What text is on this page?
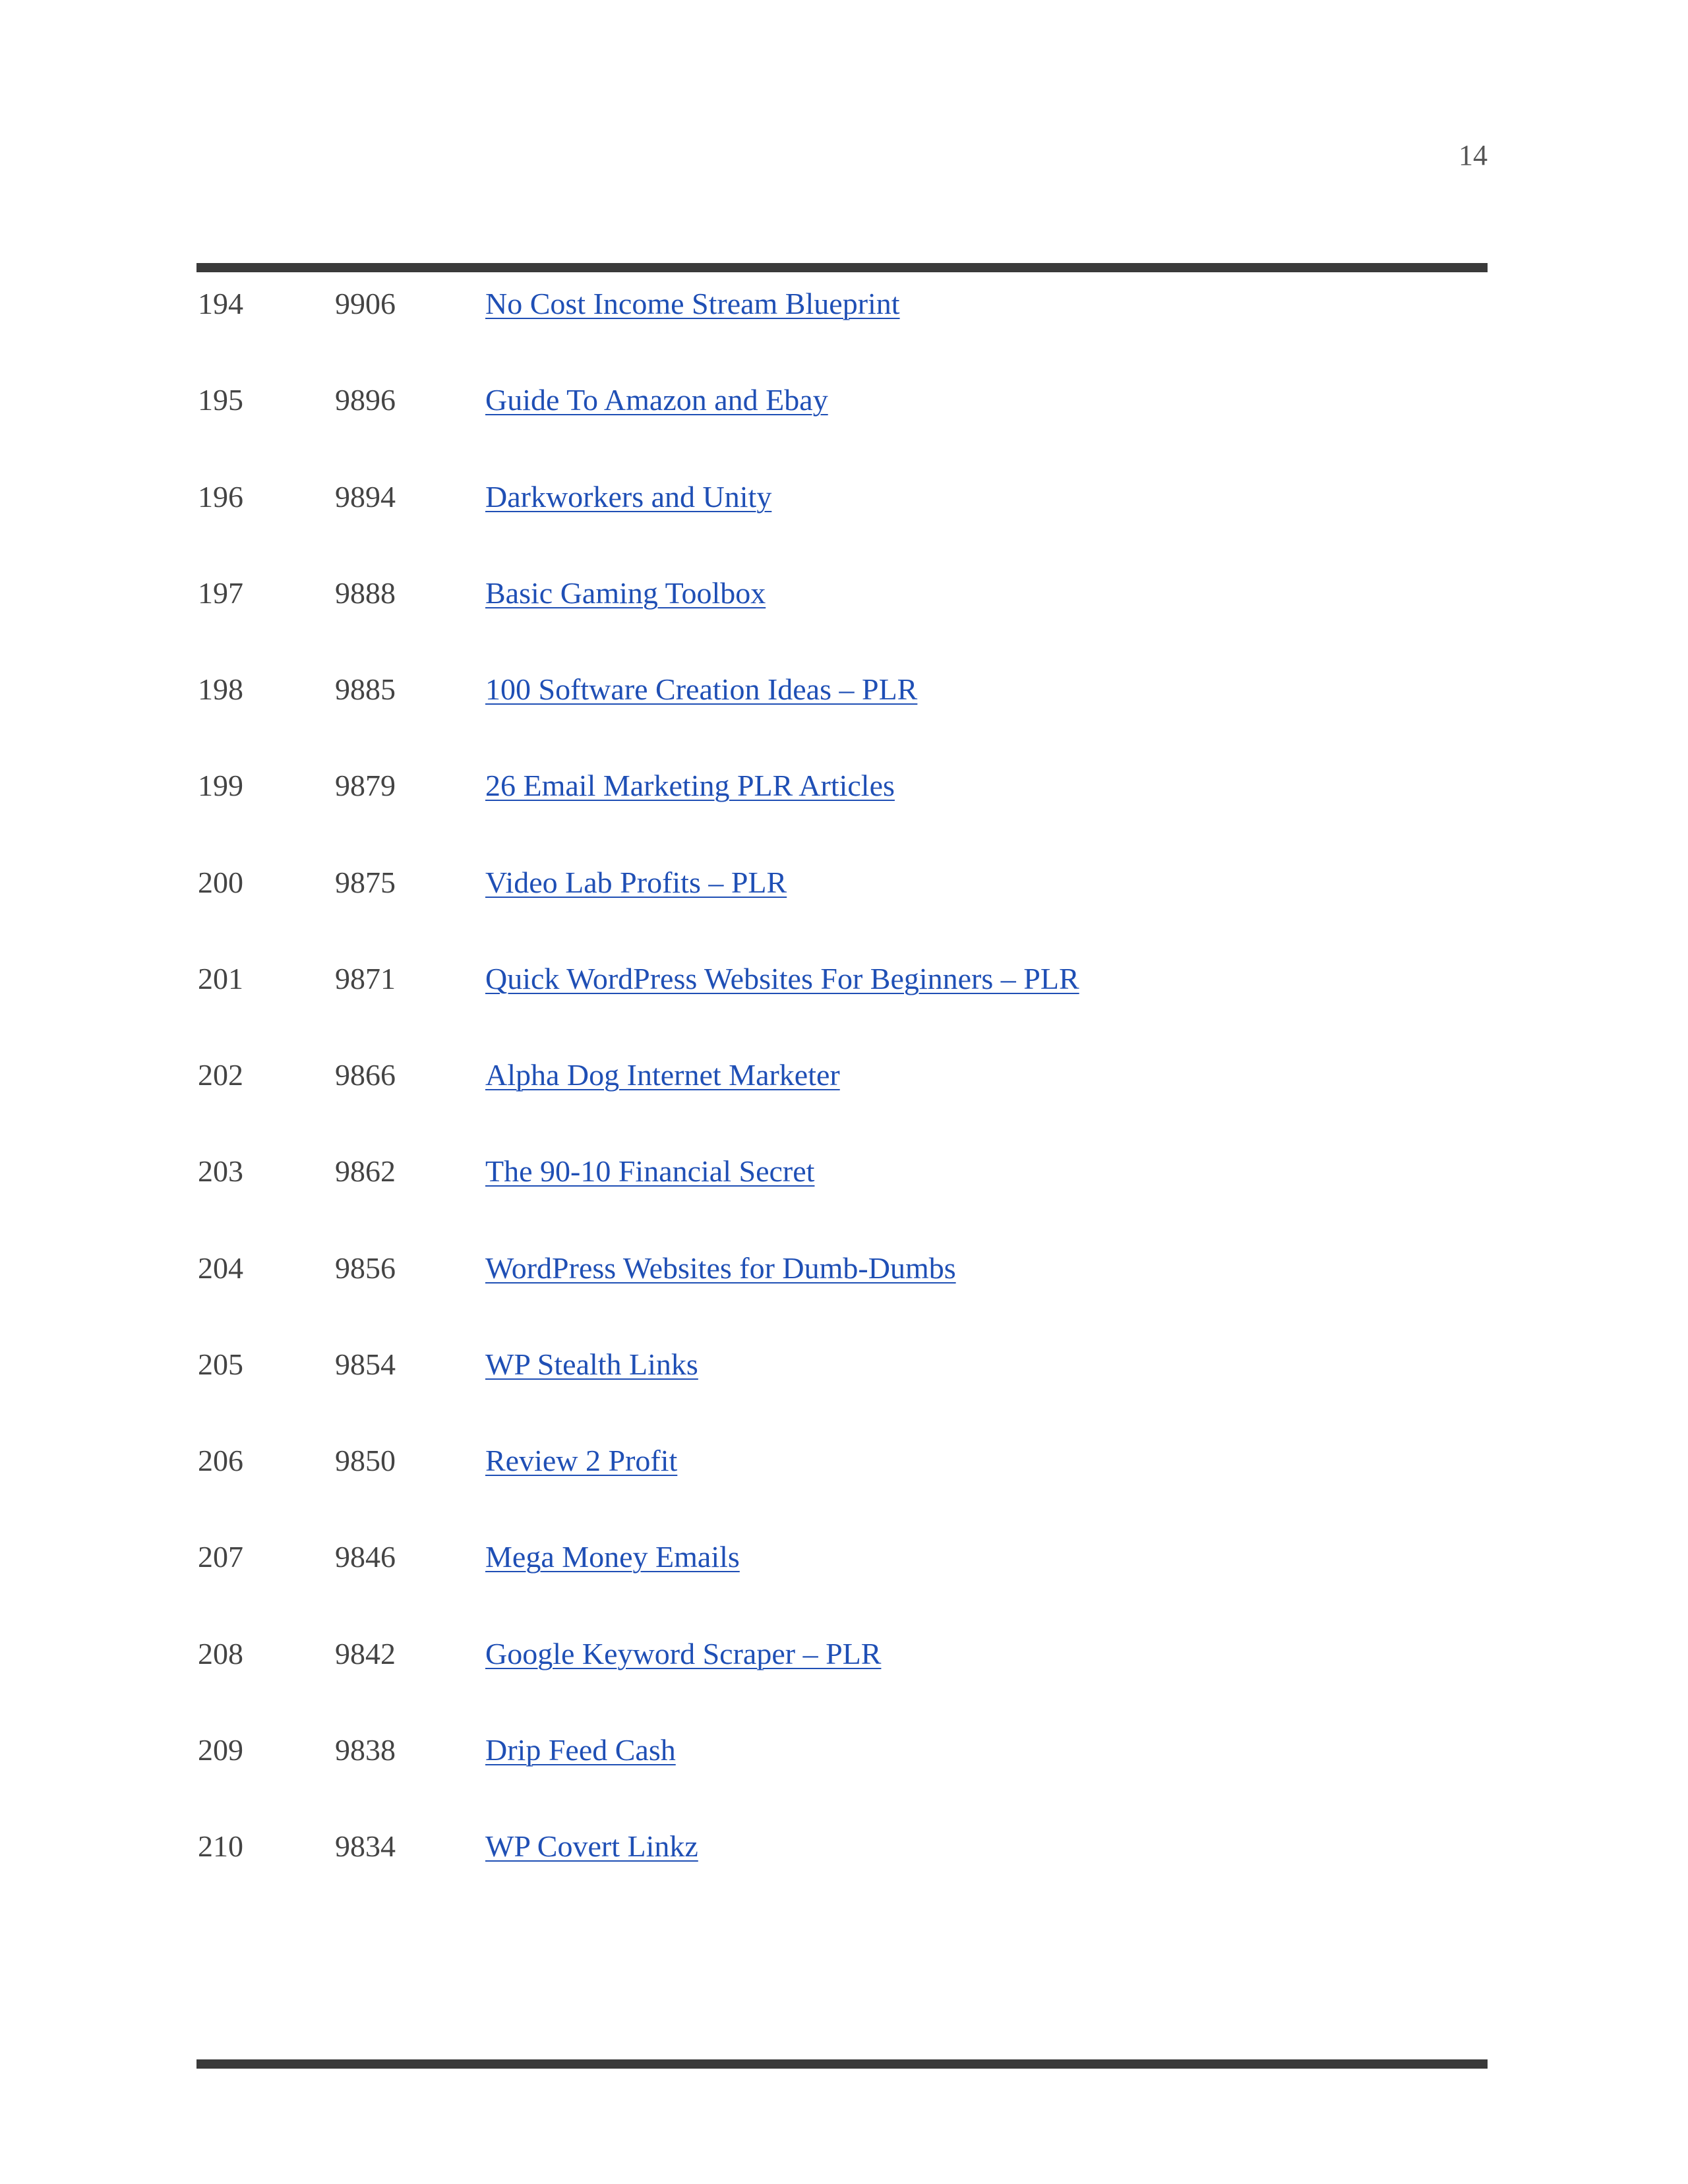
14
194	9906	No Cost Income Stream Blueprint
195	9896	Guide To Amazon and Ebay
196	9894	Darkworkers and Unity
197	9888	Basic Gaming Toolbox
198	9885	100 Software Creation Ideas – PLR
199	9879	26 Email Marketing PLR Articles
200	9875	Video Lab Profits – PLR
201	9871	Quick WordPress Websites For Beginners – PLR
202	9866	Alpha Dog Internet Marketer
203	9862	The 90-10 Financial Secret
204	9856	WordPress Websites for Dumb-Dumbs
205	9854	WP Stealth Links
206	9850	Review 2 Profit
207	9846	Mega Money Emails
208	9842	Google Keyword Scraper – PLR
209	9838	Drip Feed Cash
210	9834	WP Covert Linkz
